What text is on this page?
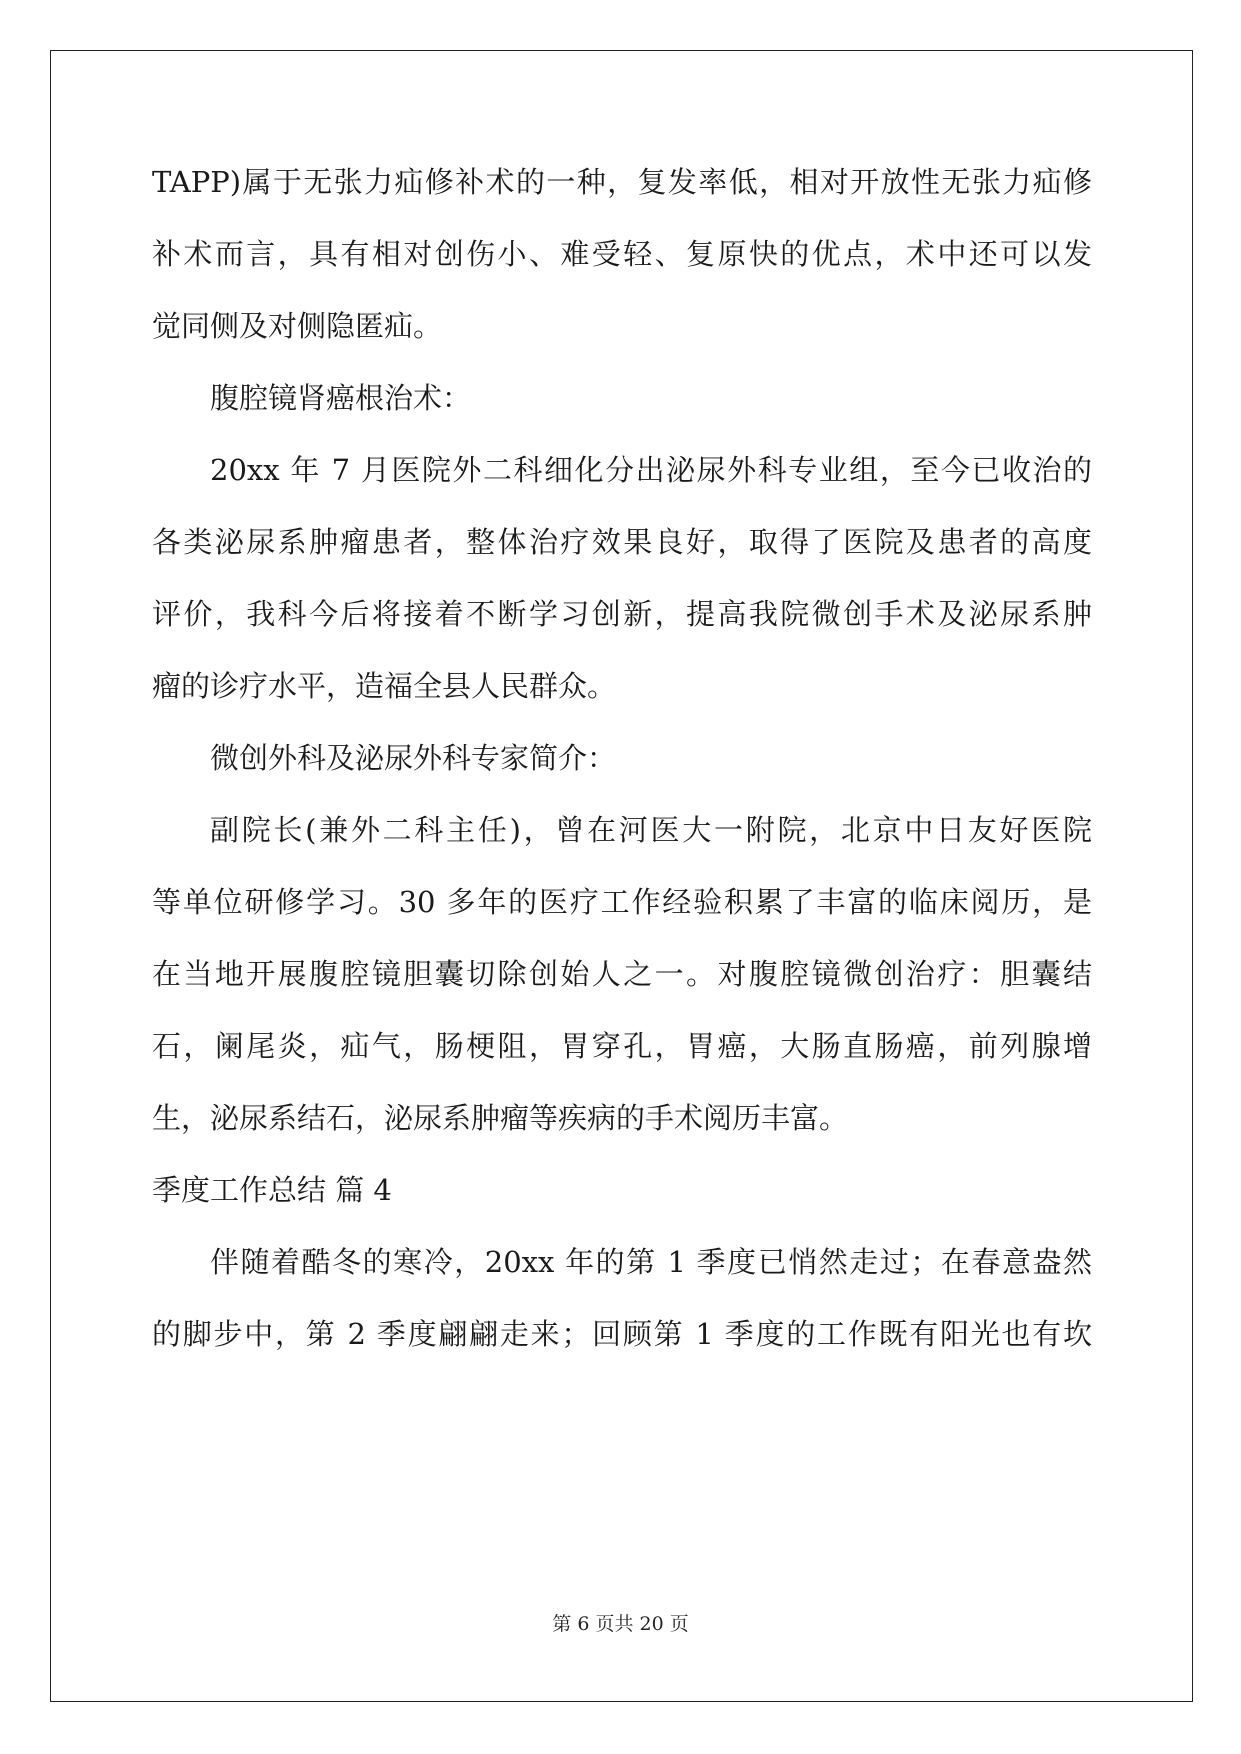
TAPP)属于无张力疝修补术的一种，复发率低，相对开放性无张力疝修
补术而言，具有相对创伤小、难受轻、复原快的优点，术中还可以发
觉同侧及对侧隐匿疝。
腹腔镜肾癌根治术：
20xx 年 7 月医院外二科细化分出泌尿外科专业组，至今已收治的
各类泌尿系肿瘤患者，整体治疗效果良好，取得了医院及患者的高度
评价，我科今后将接着不断学习创新，提高我院微创手术及泌尿系肿
瘤的诊疗水平，造福全县人民群众。
微创外科及泌尿外科专家简介：
副院长(兼外二科主任)，曾在河医大一附院，北京中日友好医院
等单位研修学习。30 多年的医疗工作经验积累了丰富的临床阅历，是
在当地开展腹腔镜胆囊切除创始人之一。对腹腔镜微创治疗：胆囊结
石，阑尾炎，疝气，肠梗阻，胃穿孔，胃癌，大肠直肠癌，前列腺增
生，泌尿系结石，泌尿系肿瘤等疾病的手术阅历丰富。
季度工作总结 篇 4
伴随着酷冬的寒冷，20xx 年的第 1 季度已悄然走过；在春意盎然
的脚步中，第 2 季度翩翩走来；回顾第 1 季度的工作既有阳光也有坎
第 6 页共 20 页
